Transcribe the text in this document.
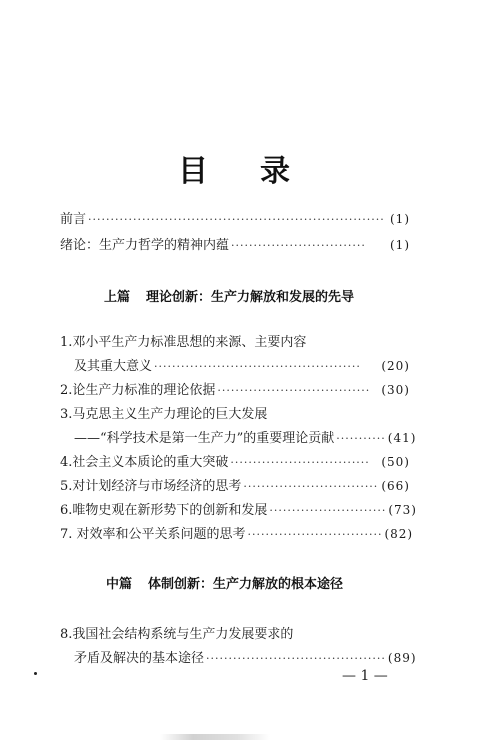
目录
前言 ·································································· (1)
绪论：生产力哲学的精神内蕴 ······························	(1)
上篇 理论创新：生产力解放和发展的先导
1.邓小平生产力标准思想的来源、主要内容
及其重大意义 ··············································	(20)
2.论生产力标准的理论依据 ·································· (30)
3.马克思主义生产力理论的巨大发展
——“科学技术是第一生产力”的重要理论贡献 ··········· (41)
4.社会主义本质论的重大突破 ······························· (50)
5.对计划经济与市场经济的思考 ······························ (66)
6.唯物史观在新形势下的创新和发展 ·························· (73)
7. 对效率和公平关系问题的思考 ······························ (82)
中篇 体制创新：生产力解放的根本途径
8.我国社会结构系统与生产力发展要求的
矛盾及解决的基本途径 ········································ (89)
— 1 —
